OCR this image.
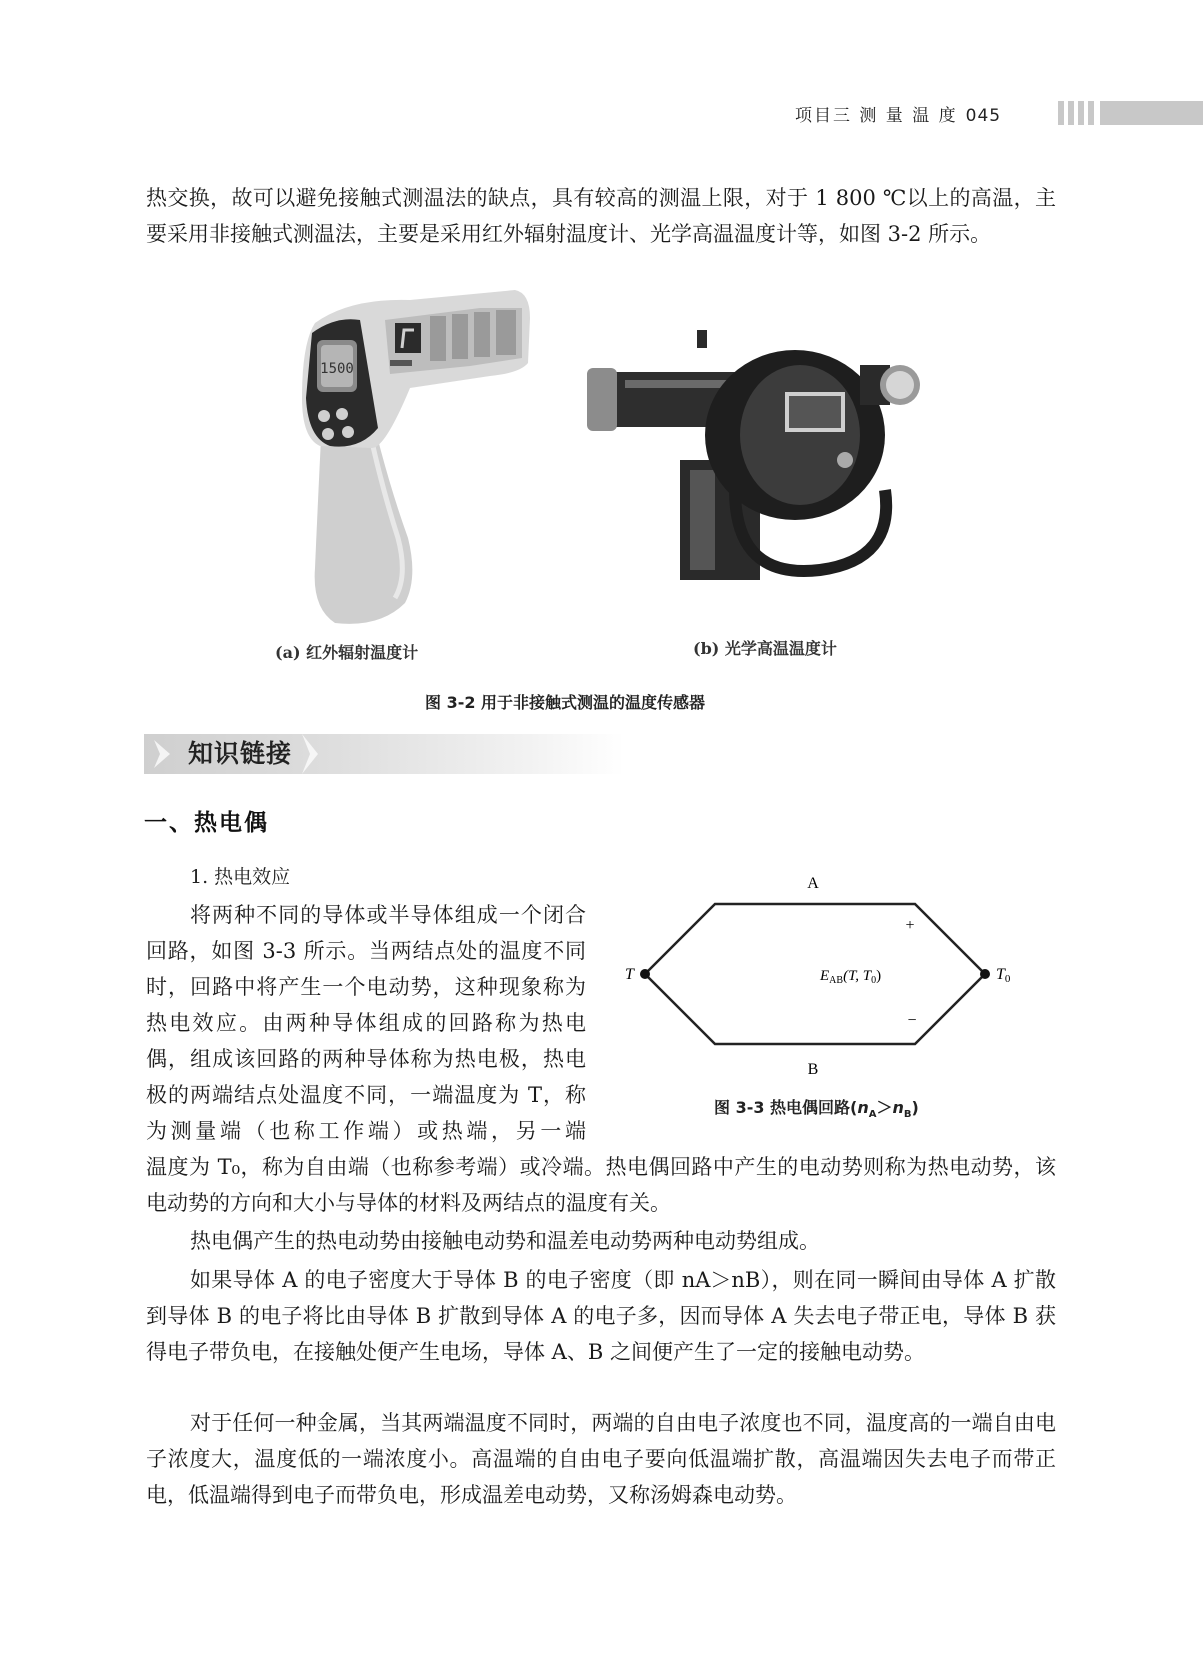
项目三 测 量 温 度 045
热交换，故可以避免接触式测温法的缺点，具有较高的测温上限，对于 1 800 ℃以上的高温，主要采用非接触式测温法，主要是采用红外辐射温度计、光学高温温度计等，如图 3-2 所示。
1500
(a) 红外辐射温度计	(b) 光学高温温度计
图 3-2 用于非接触式测温的温度传感器
知识链接
一、热电偶
1. 热电效应
将两种不同的导体或半导体组成一个闭合回路，如图 3-3 所示。当两结点处的温度不同时，回路中将产生一个电动势，这种现象称为热电效应。由两种导体组成的回路称为热电偶，组成该回路的两种导体称为热电极，热电极的两端结点处温度不同，一端温度为 T，称为测量端（也称工作端）或热端，另一端
A
B
T	T0
+
−
$E_{AB}(T$, $T_0$)
图 3-3 热电偶回路$(n_A>n_B)$
温度为 T₀，称为自由端（也称参考端）或冷端。热电偶回路中产生的电动势则称为热电动势，该电动势的方向和大小与导体的材料及两结点的温度有关。
热电偶产生的热电动势由接触电动势和温差电动势两种电动势组成。
如果导体 A 的电子密度大于导体 B 的电子密度（即 nA＞nB），则在同一瞬间由导体 A 扩散到导体 B 的电子将比由导体 B 扩散到导体 A 的电子多，因而导体 A 失去电子带正电，导体 B 获得电子带负电，在接触处便产生电场，导体 A、B 之间便产生了一定的接触电动势。
对于任何一种金属，当其两端温度不同时，两端的自由电子浓度也不同，温度高的一端自由电子浓度大，温度低的一端浓度小。高温端的自由电子要向低温端扩散，高温端因失去电子而带正电，低温端得到电子而带负电，形成温差电动势，又称汤姆森电动势。
